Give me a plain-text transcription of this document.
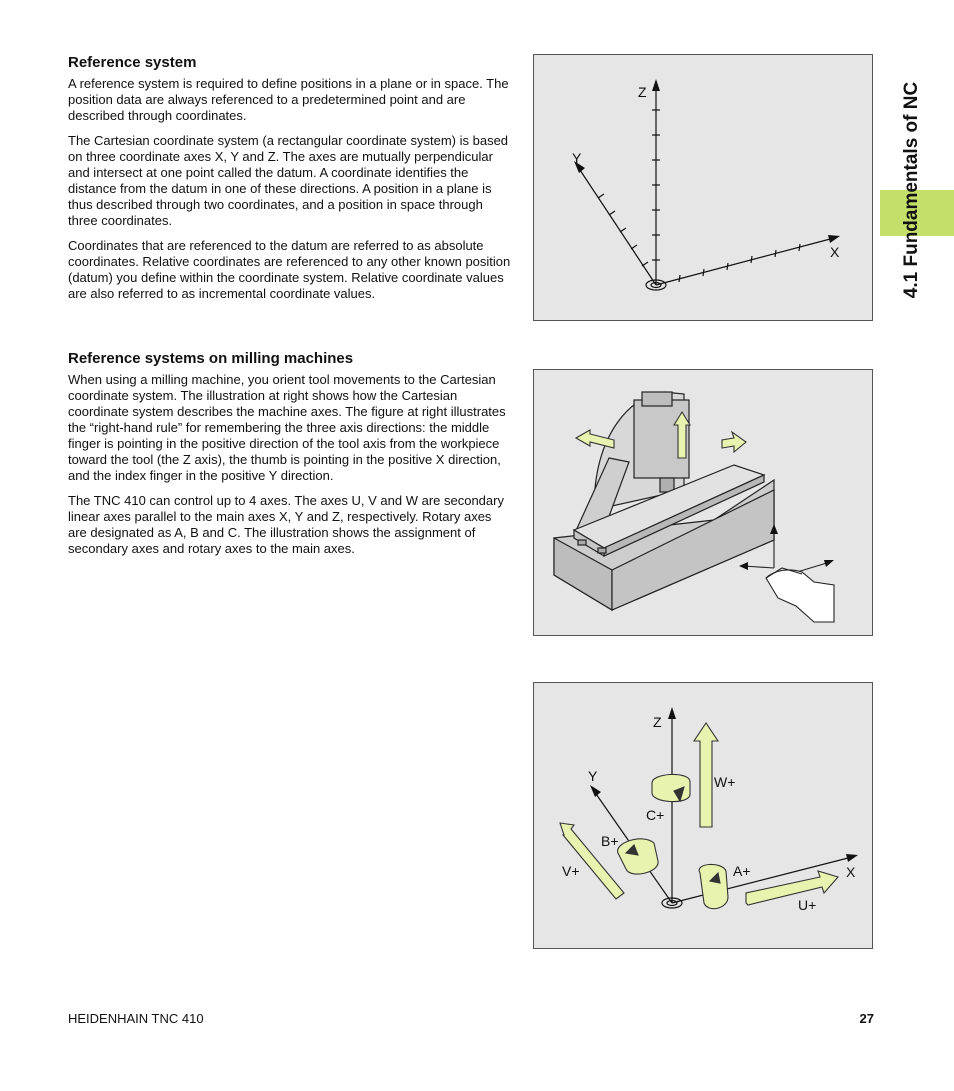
Reference system

A reference system is required to define positions in a plane or in space. The position data are always referenced to a predetermined point and are described through coordinates.

The Cartesian coordinate system (a rectangular coordinate system) is based on three coordinate axes X, Y and Z. The axes are mutually perpendicular and intersect at one point called the datum. A coordinate identifies the distance from the datum in one of these directions. A position in a plane is thus described through two coordinates, and a position in space through three coordinates.

Coordinates that are referenced to the datum are referred to as absolute coordinates. Relative coordinates are referenced to any other known position (datum) you define within the coordinate system. Relative coordinate values are also referred to as incremental coordinate values.

Reference systems on milling machines

When using a milling machine, you orient tool movements to the Cartesian coordinate system. The illustration at right shows how the Cartesian coordinate system describes the machine axes. The figure at right illustrates the “right-hand rule” for remembering the three axis directions: the middle finger is pointing in the positive direction of the tool axis from the workpiece toward the tool (the Z axis), the thumb is pointing in the positive X direction, and the index finger in the positive Y direction.

The TNC 410 can control up to 4 axes. The axes U, V and W are secondary linear axes parallel to the main axes X, Y and Z, respectively. Rotary axes are designated as A, B and C. The illustration shows the assignment of secondary axes and rotary axes to the main axes.

Z
Y
X
Z
Y
X
W+
C+
B+
V+	A+
U+
4.1 Fundamentals of NC
HEIDENHAIN TNC 410	27
